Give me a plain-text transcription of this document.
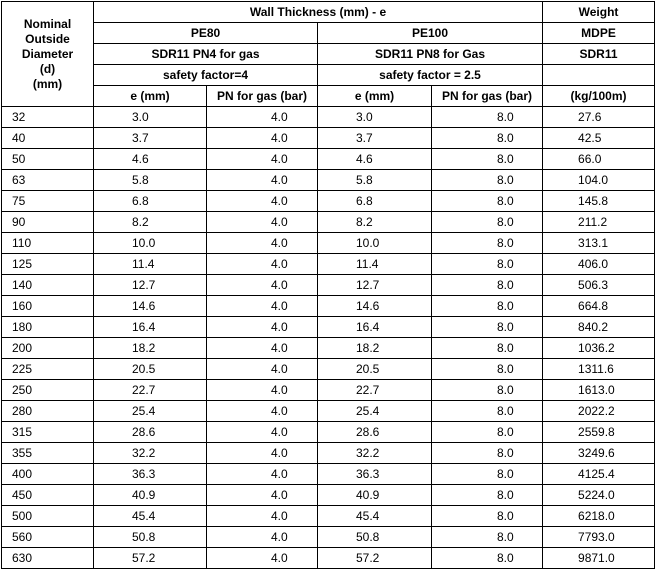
Nominal
Outside
Diameter
(d)
(mm)	Wall Thickness (mm) - e				Weight
	PE80		PE100		MDPE
	SDR11 PN4 for gas		SDR11 PN8 for Gas		SDR11
	safety factor=4		safety factor = 2.5		
	e (mm)	PN for gas (bar)	e (mm)	PN for gas (bar)	(kg/100m)
32	3.0	4.0	3.0	8.0	27.6
40	3.7	4.0	3.7	8.0	42.5
50	4.6	4.0	4.6	8.0	66.0
63	5.8	4.0	5.8	8.0	104.0
75	6.8	4.0	6.8	8.0	145.8
90	8.2	4.0	8.2	8.0	211.2
110	10.0	4.0	10.0	8.0	313.1
125	11.4	4.0	11.4	8.0	406.0
140	12.7	4.0	12.7	8.0	506.3
160	14.6	4.0	14.6	8.0	664.8
180	16.4	4.0	16.4	8.0	840.2
200	18.2	4.0	18.2	8.0	1036.2
225	20.5	4.0	20.5	8.0	1311.6
250	22.7	4.0	22.7	8.0	1613.0
280	25.4	4.0	25.4	8.0	2022.2
315	28.6	4.0	28.6	8.0	2559.8
355	32.2	4.0	32.2	8.0	3249.6
400	36.3	4.0	36.3	8.0	4125.4
450	40.9	4.0	40.9	8.0	5224.0
500	45.4	4.0	45.4	8.0	6218.0
560	50.8	4.0	50.8	8.0	7793.0
630	57.2	4.0	57.2	8.0	9871.0
